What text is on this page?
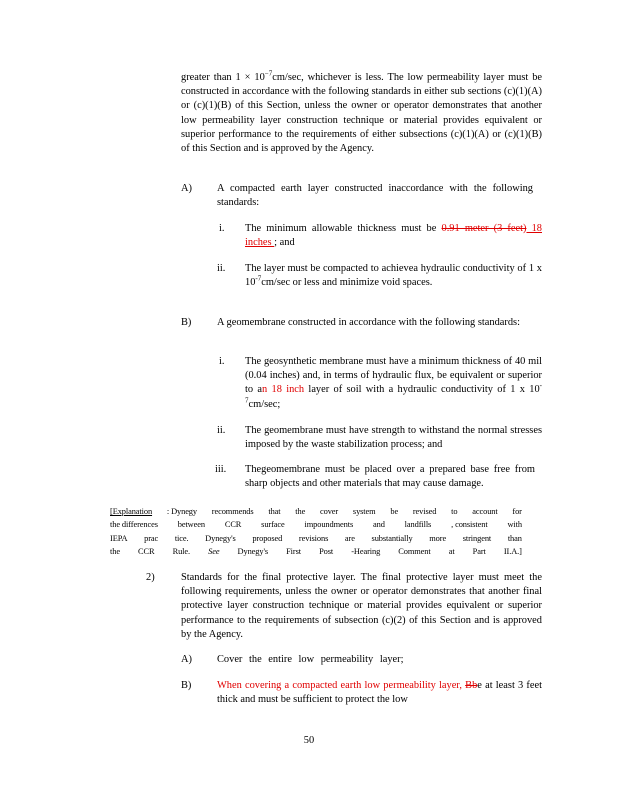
greater than $1 \times 10^{-7}cm/\sec$, whichever is less. The low permeability layer must be constructed in accordance with the following standards in either sub sections (c)(1)(A) or (c)(1)(B) of this Section, unless the owner or operator demonstrates that another low permeability layer construction technique or material provides equivalent or superior performance to the requirements of either subsections (c)(1)(A) or (c)(1)(B) of this Section and is approved by the Agency.
A) A compacted earth layer constructed inaccordance with the following standards:
i. The minimum allowable thickness must be 0.91 meter (3 feet) 18 inches ; and
ii. The layer must be compacted to achievea hydraulic conductivity of 1 x $10^{-7}cm/\sec$ or less and minimize void spaces.
B) A geomembrane constructed in accordance with the following standards:
i. The geosynthetic membrane must have a minimum thickness of 40 mil (0.04 inches) and, in terms of hydraulic flux, be equivalent or superior to an 18 inch layer of soil with a hydraulic conductivity of 1 x $10^{-7}cm/\sec$;
ii. The geomembrane must have strength to withstand the normal stresses imposed by the waste stabilization process; and
iii. Thegeomembrane must be placed over a prepared base free from sharp objects and other materials that may cause damage.
[Explanation : Dynegy recommends that the cover system be revised to account for
the differences between CCR surface impoundments and landfills , consistent with
IEPA prac tice. Dynegy's proposed revisions are substantially more stringent than
the CCR Rule. See Dynegy's First Post -Hearing Comment at Part II.A.]
2)	Standards for the final protective layer. The final protective layer must meet the following requirements, unless the owner or operator demonstrates that another final protective layer construction technique or material provides equivalent or superior performance to the requirements of subsection (c)(2) of this Section and is approved by the Agency.
A) Cover the entire low permeability layer;
B) When covering a compacted earth low permeability layer, Bbe at least 3 feet thick and must be sufficient to protect the low
50
